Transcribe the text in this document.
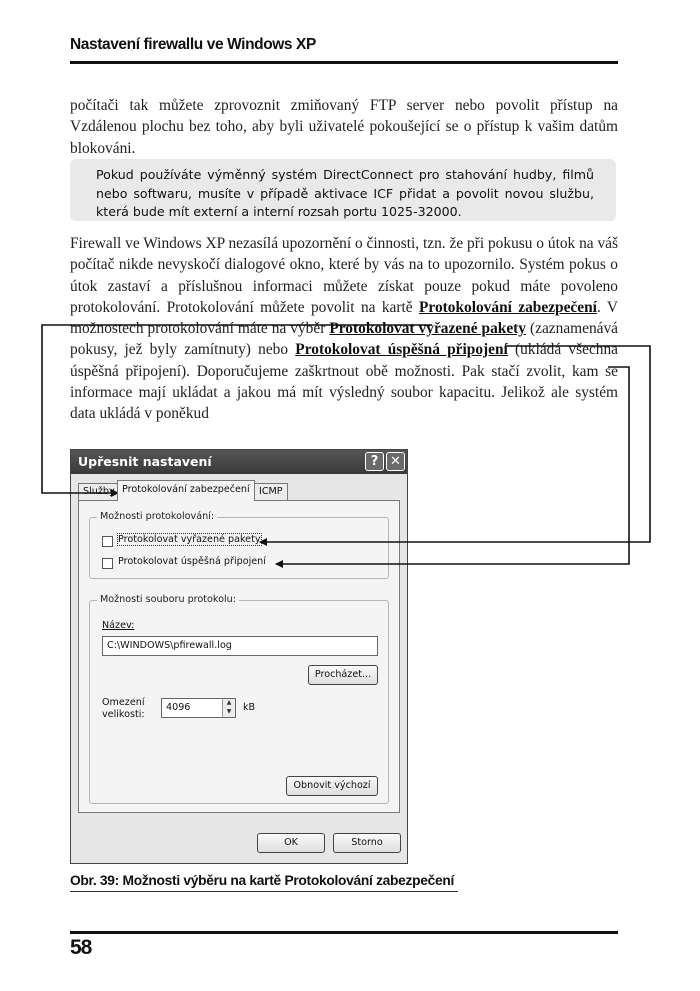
Nastavení firewallu ve Windows XP

počítači tak můžete zprovoznit zmiňovaný FTP server nebo povolit přístup na Vzdálenou plochu bez toho, aby byli uživatelé pokoušející se o přístup k vašim datům blokováni.

Pokud používáte výměnný systém DirectConnect pro stahování hudby, filmů nebo softwaru, musíte v případě aktivace ICF přidat a povolit novou službu, která bude mít externí a interní rozsah portu 1025-32000.

Firewall ve Windows XP nezasílá upozornění o činnosti, tzn. že při pokusu o útok na váš počítač nikde nevyskočí dialogové okno, které by vás na to upozornilo. Systém pokus o útok zastaví a příslušnou informaci můžete získat pouze pokud máte povoleno protokolování. Protokolování můžete povolit na kartě Protokolování zabezpečení. V možnostech protokolování máte na výběr Protokolovat vyřazené pakety (zaznamenává pokusy, jež byly zamítnuty) nebo Protokolovat úspěšná připojení (ukládá všechna úspěšná připojení). Doporučujeme zaškrtnout obě možnosti. Pak stačí zvolit, kam se informace mají ukládat a jakou má mít výsledný soubor kapacitu. Jelikož ale systém data ukládá v poněkud

Upřesnit nastavení	? ✕
Služby Protokolování zabezpečení ICMP
Možnosti protokolování:
Protokolovat vyřazené pakety
Protokolovat úspěšná připojení
Možnosti souboru protokolu:
Název:
C:\WINDOWS\pfirewall.log
Procházet...
Omezení
velikosti:
4096	▲
▼	kB
Obnovit výchozí
OK	Storno
Obr. 39: Možnosti výběru na kartě Protokolování zabezpečení
58
